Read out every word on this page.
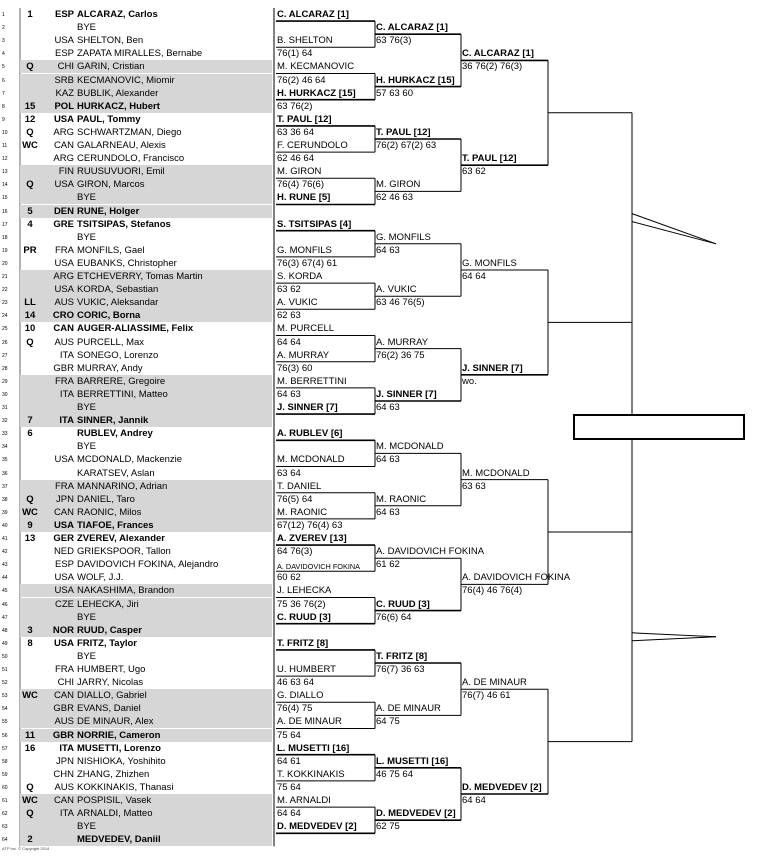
1	1	ESP ALCARAZ, Carlos
2	BYE
3	USA SHELTON, Ben
4	ESP ZAPATA MIRALLES, Bernabe
5	Q	CHI GARIN, Cristian
6	SRB KECMANOVIC, Miomir
7	KAZ BUBLIK, Alexander
8	15	POL HURKACZ, Hubert
9	12	USA PAUL, Tommy
10	Q	ARG SCHWARTZMAN, Diego
11 WC	CAN GALARNEAU, Alexis
12	ARG CERUNDOLO, Francisco
13	FIN RUUSUVUORI, Emil
14	Q	USA GIRON, Marcos
15	BYE
16	5	DEN RUNE, Holger
17	4	GRE TSITSIPAS, Stefanos
18	BYE
19	PR	FRA MONFILS, Gael
20	USA EUBANKS, Christopher
21	ARG ETCHEVERRY, Tomas Martin
22	USA KORDA, Sebastian
23	LL	AUS VUKIC, Aleksandar
24	14	CRO CORIC, Borna
25	10	CAN AUGER-ALIASSIME, Felix
26	Q	AUS PURCELL, Max
27	ITA SONEGO, Lorenzo
28	GBR MURRAY, Andy
29	FRA BARRERE, Gregoire
30	ITA BERRETTINI, Matteo
31	BYE
32	7	ITA SINNER, Jannik
33	6	RUBLEV, Andrey
34	BYE
35	USA MCDONALD, Mackenzie
36	KARATSEV, Aslan
37	FRA MANNARINO, Adrian
38	Q	JPN DANIEL, Taro
39 WC	CAN RAONIC, Milos
40	9	USA TIAFOE, Frances
41	13	GER ZVEREV, Alexander
42	NED GRIEKSPOOR, Tallon
43	ESP DAVIDOVICH FOKINA, Alejandro
44	USA WOLF, J.J.
45	USA NAKASHIMA, Brandon
46	CZE LEHECKA, Jiri
47	BYE
48	3	NOR RUUD, Casper
49	8	USA FRITZ, Taylor
50	BYE
51	FRA HUMBERT, Ugo
52	CHI JARRY, Nicolas
53 WC	CAN DIALLO, Gabriel
54	GBR EVANS, Daniel
55	AUS DE MINAUR, Alex
56	11	GBR NORRIE, Cameron
57	16	ITA MUSETTI, Lorenzo
58	JPN NISHIOKA, Yoshihito
59	CHN ZHANG, Zhizhen
60	Q	AUS KOKKINAKIS, Thanasi
61 WC	CAN POSPISIL, Vasek
62	Q	ITA ARNALDI, Matteo
63	BYE
64	2	MEDVEDEV, Daniil
C. ALCARAZ [1]
B. SHELTON
76(1) 64
M. KECMANOVIC
76(2) 46 64
H. HURKACZ [15]
63 76(2)
T. PAUL [12]
63 36 64
F. CERUNDOLO
62 46 64
M. GIRON
76(4) 76(6)
H. RUNE [5]
S. TSITSIPAS [4]
G. MONFILS
76(3) 67(4) 61
S. KORDA
63 62
A. VUKIC
62 63
M. PURCELL
64 64
A. MURRAY
76(3) 60
M. BERRETTINI
64 63
J. SINNER [7]
A. RUBLEV [6]
M. MCDONALD
63 64
T. DANIEL
76(5) 64
M. RAONIC
67(12) 76(4) 63
A. ZVEREV [13]
64 76(3)
A. DAVIDOVICH FOKINA
60 62
J. LEHECKA
75 36 76(2)
C. RUUD [3]
T. FRITZ [8]
U. HUMBERT
46 63 64
G. DIALLO
76(4) 75
A. DE MINAUR
75 64
L. MUSETTI [16]
64 61
T. KOKKINAKIS
75 64
M. ARNALDI
64 64
D. MEDVEDEV [2]
C. ALCARAZ [1]
63 76(3)
H. HURKACZ [15]
57 63 60
T. PAUL [12]
76(2) 67(2) 63
M. GIRON
62 46 63
G. MONFILS
64 63
A. VUKIC
63 46 76(5)
A. MURRAY
76(2) 36 75
J. SINNER [7]
64 63
M. MCDONALD
64 63
M. RAONIC
64 63
A. DAVIDOVICH FOKINA
61 62
C. RUUD [3]
76(6) 64
T. FRITZ [8]
76(7) 36 63
A. DE MINAUR
64 75
L. MUSETTI [16]
46 75 64
D. MEDVEDEV [2]
62 75
C. ALCARAZ [1]
36 76(2) 76(3)
T. PAUL [12]
63 62
G. MONFILS
64 64
J. SINNER [7]
wo.
M. MCDONALD
63 63
A. DAVIDOVICH FOKINA
76(4) 46 76(4)
A. DE MINAUR
76(7) 46 61
D. MEDVEDEV [2]
64 64
ATP Inc. © Copyright 2014
